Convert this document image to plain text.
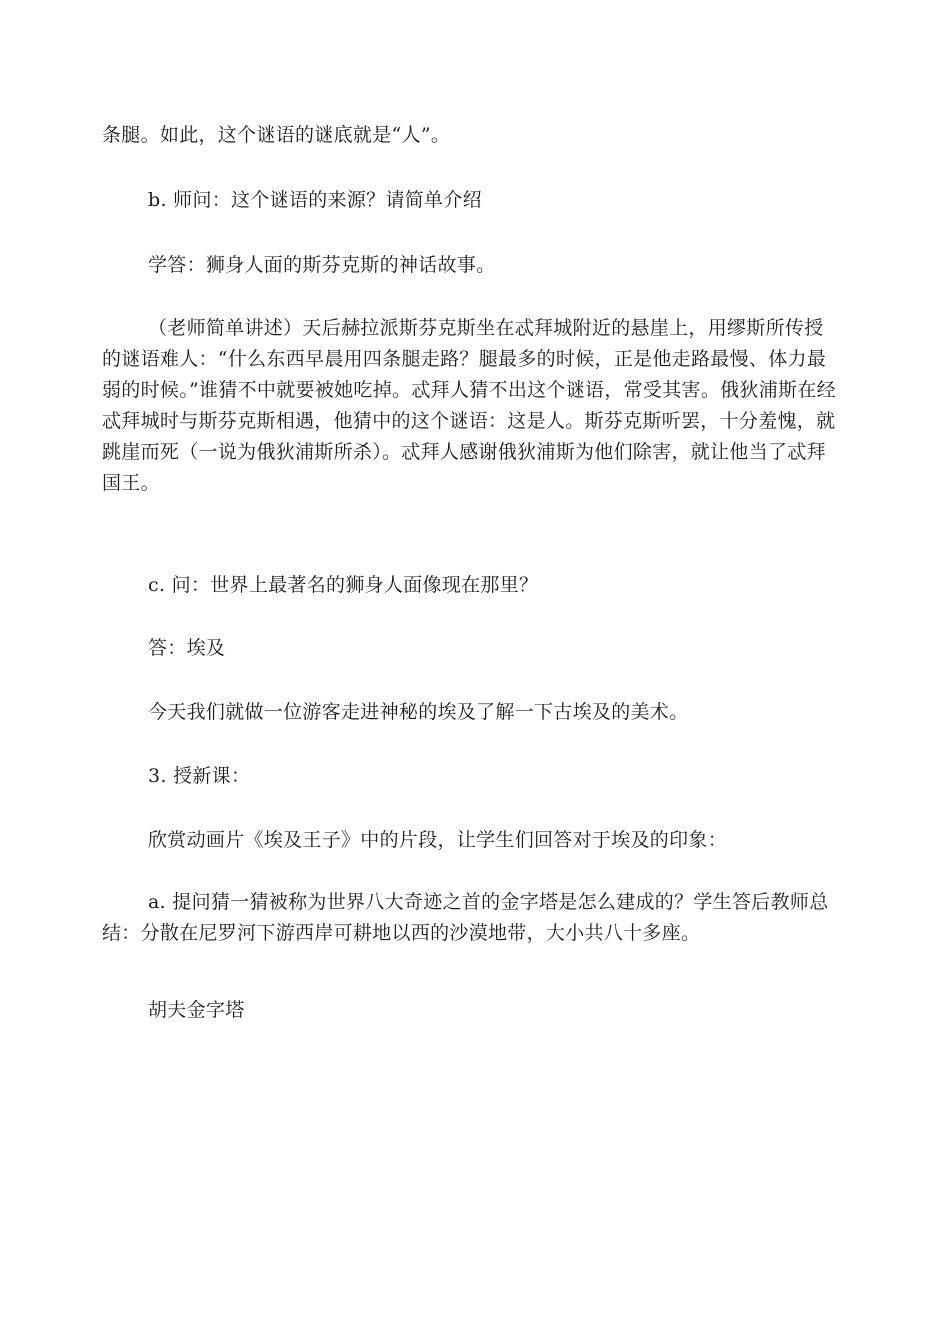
条腿。如此，这个谜语的谜底就是“人”。

b. 师问：这个谜语的来源？请简单介绍

学答：狮身人面的斯芬克斯的神话故事。

（老师简单讲述）天后赫拉派斯芬克斯坐在忒拜城附近的悬崖上，用缪斯所传授的谜语难人：“什么东西早晨用四条腿走路？腿最多的时候，正是他走路最慢、体力最弱的时候。”谁猜不中就要被她吃掉。忒拜人猜不出这个谜语，常受其害。俄狄浦斯在经忒拜城时与斯芬克斯相遇，他猜中的这个谜语：这是人。斯芬克斯听罢，十分羞愧，就跳崖而死（一说为俄狄浦斯所杀）。忒拜人感谢俄狄浦斯为他们除害，就让他当了忒拜国王。

c. 问：世界上最著名的狮身人面像现在那里？

答：埃及

今天我们就做一位游客走进神秘的埃及了解一下古埃及的美术。

3. 授新课：

欣赏动画片《埃及王子》中的片段，让学生们回答对于埃及的印象：

a. 提问猜一猜被称为世界八大奇迹之首的金字塔是怎么建成的？学生答后教师总结：分散在尼罗河下游西岸可耕地以西的沙漠地带，大小共八十多座。

胡夫金字塔
